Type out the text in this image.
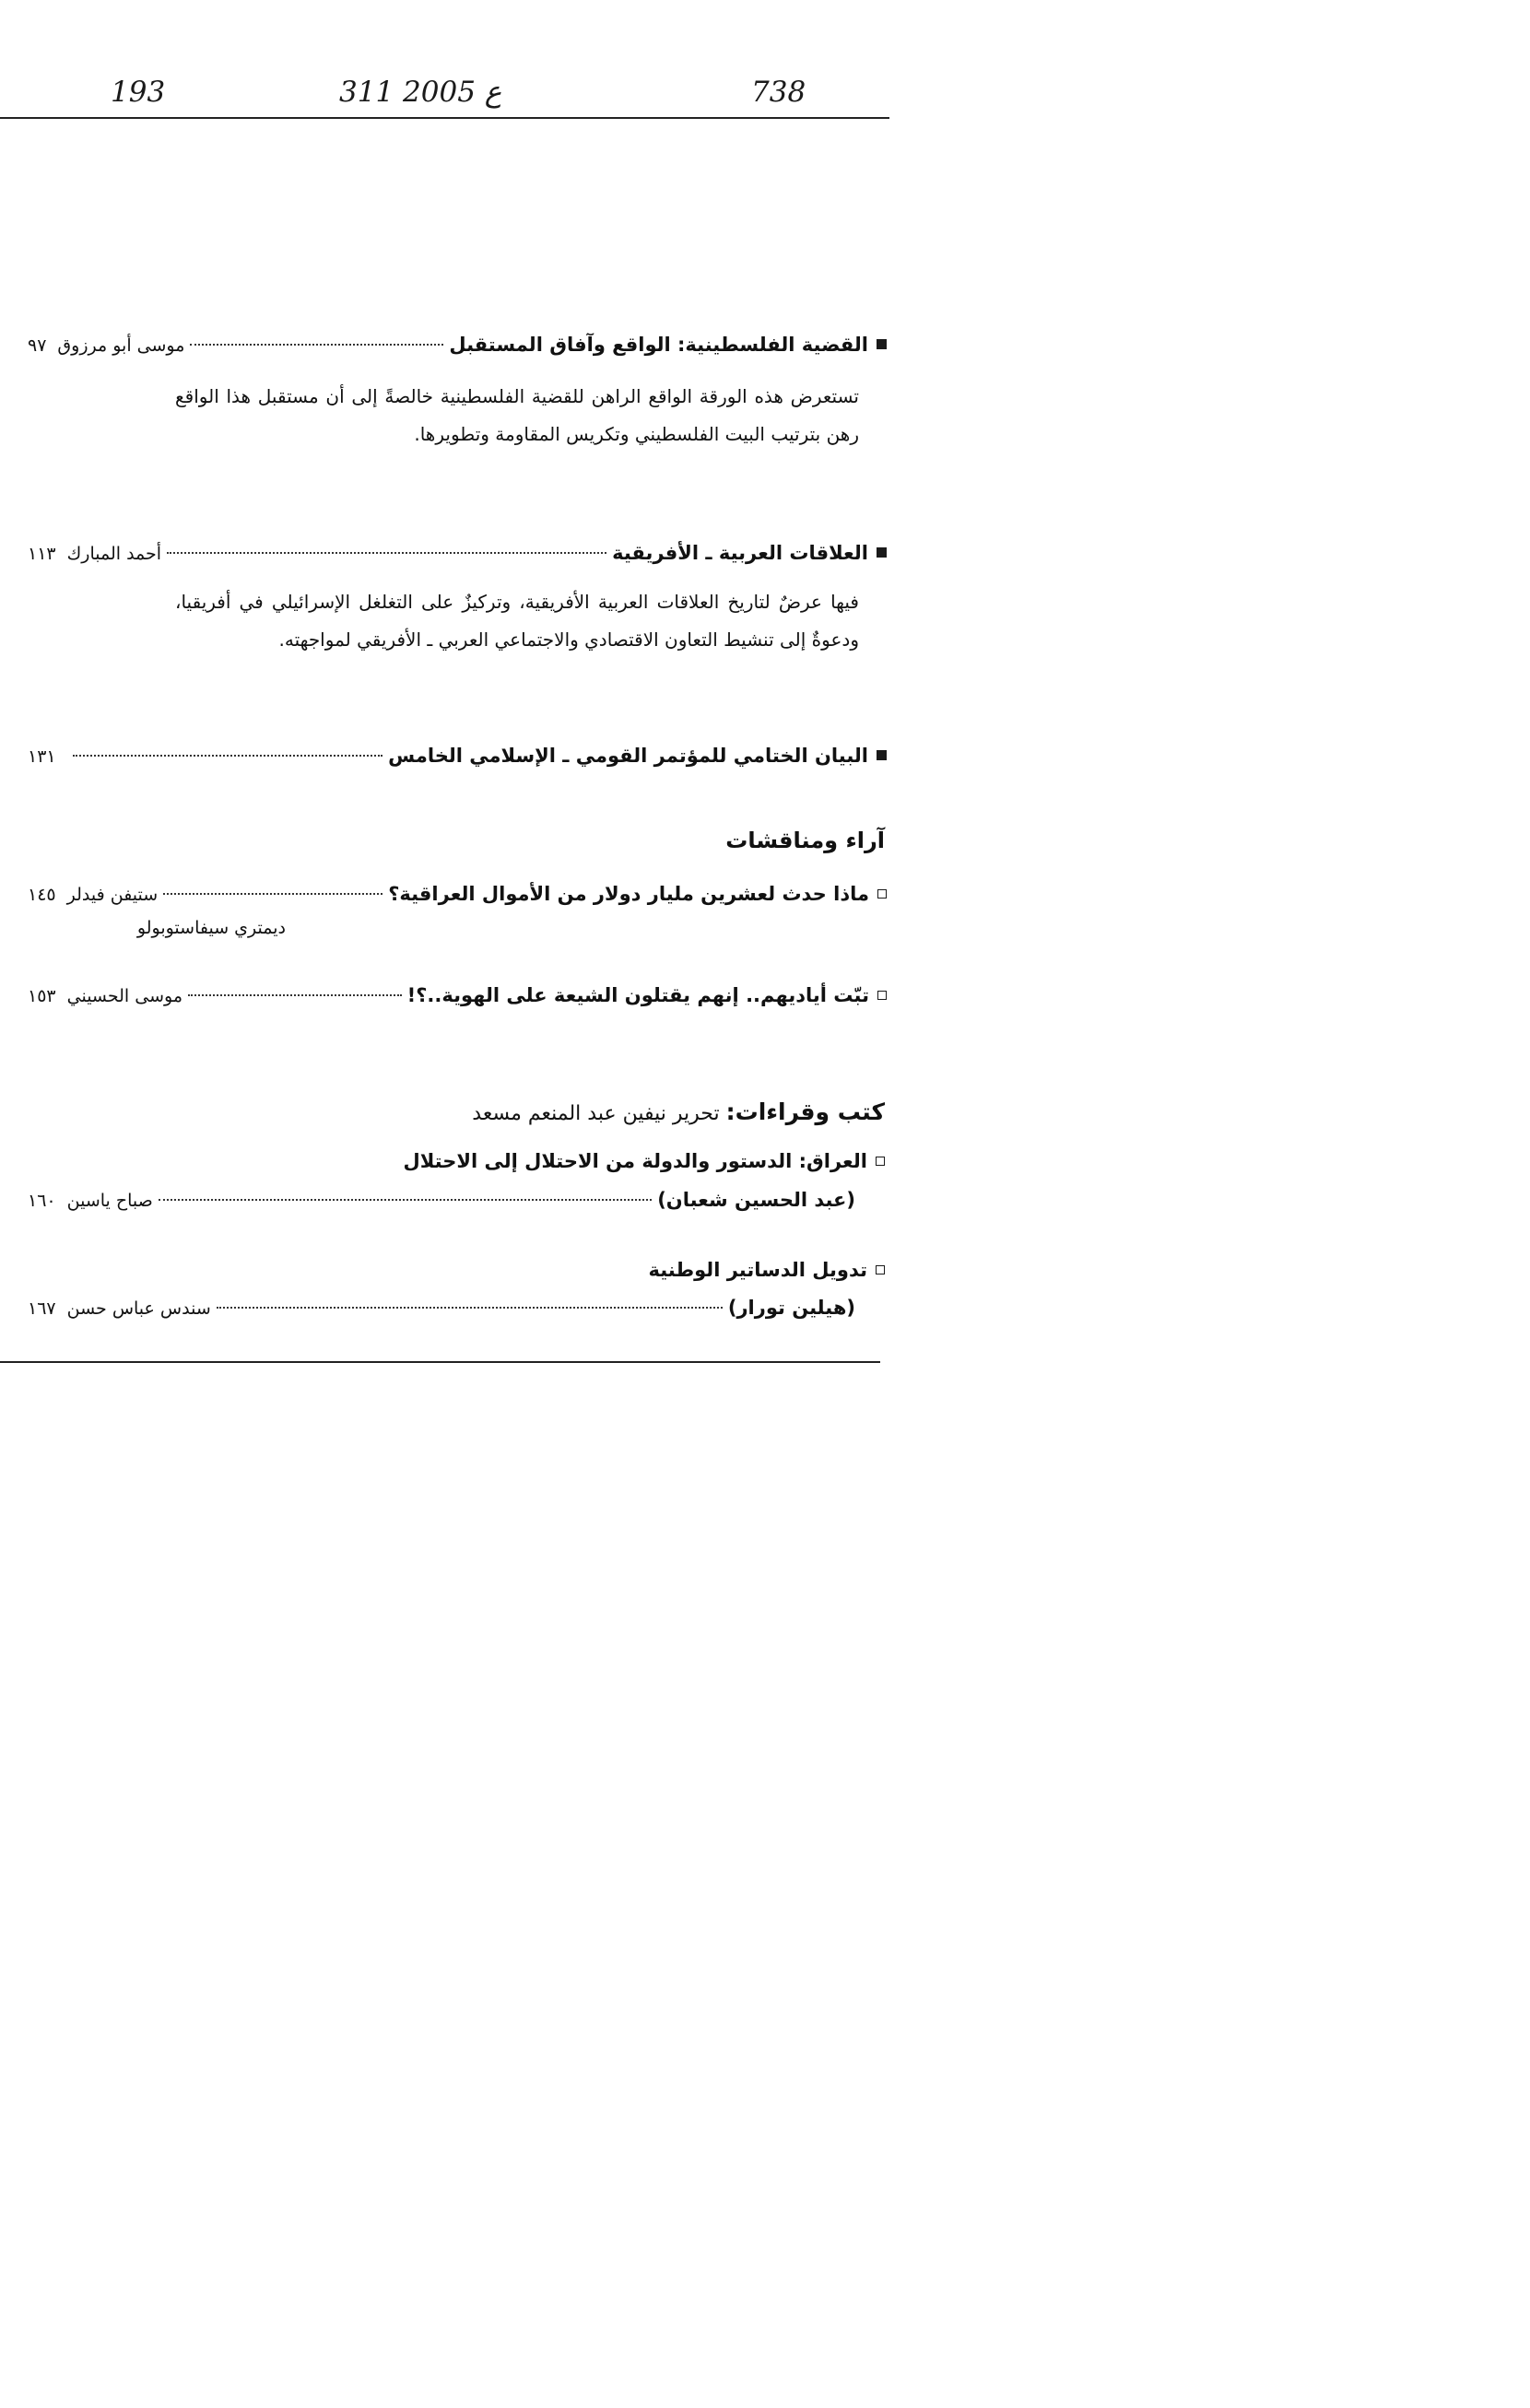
193	311 ع 2005	738
القضية الفلسطينية: الواقع وآفاق المستقبل
موسى أبو مرزوق
٩٧
تستعرض هذه الورقة الواقع الراهن للقضية الفلسطينية خالصةً إلى أن مستقبل هذا الواقع رهن بترتيب البيت الفلسطيني وتكريس المقاومة وتطويرها.
العلاقات العربية ـ الأفريقية
أحمد المبارك
١١٣
فيها عرضٌ لتاريخ العلاقات العربية الأفريقية، وتركيزٌ على التغلغل الإسرائيلي في أفريقيا، ودعوةٌ إلى تنشيط التعاون الاقتصادي والاجتماعي العربي ـ الأفريقي لمواجهته.
البيان الختامي للمؤتمر القومي ـ الإسلامي الخامس
١٣١
آراء ومناقشات
ماذا حدث لعشرين مليار دولار من الأموال العراقية؟
ستيفن فيدلر
١٤٥
ديمتري سيفاستوبولو
تبّت أياديهم.. إنهم يقتلون الشيعة على الهوية..؟!
موسى الحسيني
١٥٣
كتب وقراءات: تحرير نيفين عبد المنعم مسعد
العراق: الدستور والدولة من الاحتلال إلى الاحتلال
(عبد الحسين شعبان)
صباح ياسين
١٦٠
تدويل الدساتير الوطنية
(هيلين تورار)
سندس عباس حسن
١٦٧
